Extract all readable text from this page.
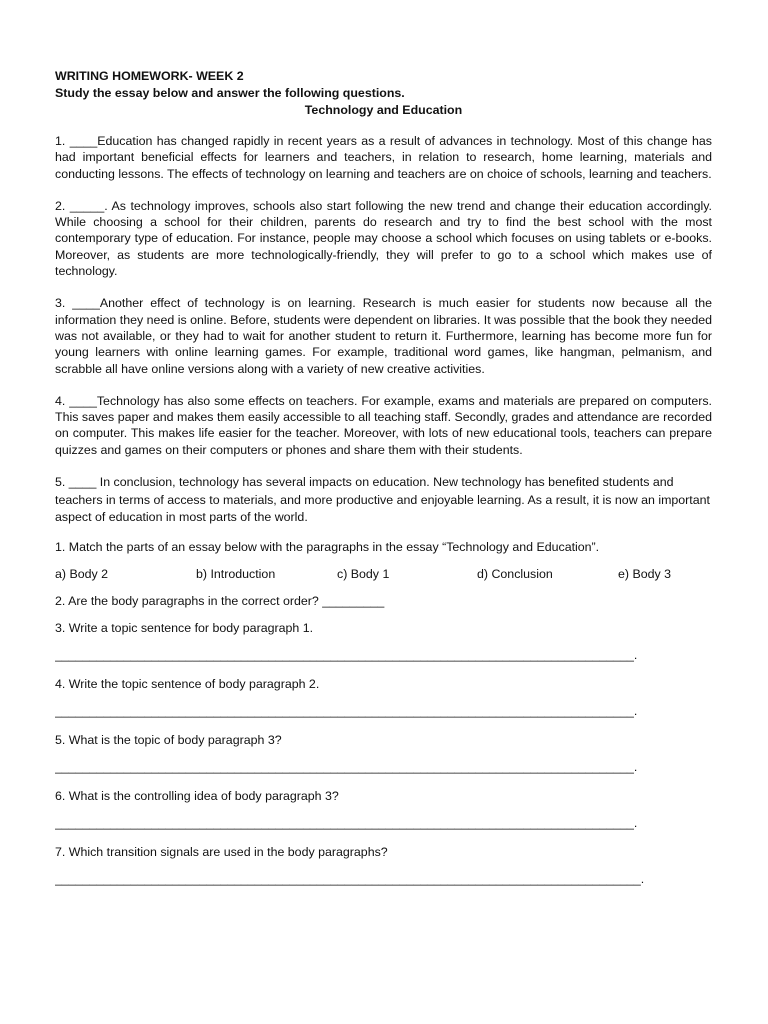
WRITING HOMEWORK- WEEK 2

Study the essay below and answer the following questions.

Technology and Education

1. ____Education has changed rapidly in recent years as a result of advances in technology. Most of this change has had important beneficial effects for learners and teachers, in relation to research, home learning, materials and conducting lessons. The effects of technology on learning and teachers are on choice of schools, learning and teachers.

2. _____. As technology improves, schools also start following the new trend and change their education accordingly. While choosing a school for their children, parents do research and try to find the best school with the most contemporary type of education. For instance, people may choose a school which focuses on using tablets or e-books. Moreover, as students are more technologically-friendly, they will prefer to go to a school which makes use of technology.

3. ____Another effect of technology is on learning. Research is much easier for students now because all the information they need is online. Before, students were dependent on libraries. It was possible that the book they needed was not available, or they had to wait for another student to return it. Furthermore, learning has become more fun for young learners with online learning games. For example, traditional word games, like hangman, pelmanism, and scrabble all have online versions along with a variety of new creative activities.

4. ____Technology has also some effects on teachers. For example, exams and materials are prepared on computers. This saves paper and makes them easily accessible to all teaching staff. Secondly, grades and attendance are recorded on computer. This makes life easier for the teacher. Moreover, with lots of new educational tools, teachers can prepare quizzes and games on their computers or phones and share them with their students.

5. ____ In conclusion, technology has several impacts on education. New technology has benefited students and teachers in terms of access to materials, and more productive and enjoyable learning. As a result, it is now an important aspect of education in most parts of the world.

1. Match the parts of an essay below with the paragraphs in the essay “Technology and Education”.

a) Body 2	b) Introduction	c) Body 1	d) Conclusion	e) Body 3

2. Are the body paragraphs in the correct order? _________

3. Write a topic sentence for body paragraph 1.

____________________________________________________________________________________.

4. Write the topic sentence of body paragraph 2.

____________________________________________________________________________________.

5. What is the topic of body paragraph 3?

____________________________________________________________________________________.

6. What is the controlling idea of body paragraph 3?

____________________________________________________________________________________.

7. Which transition signals are used in the body paragraphs?

_____________________________________________________________________________________.
